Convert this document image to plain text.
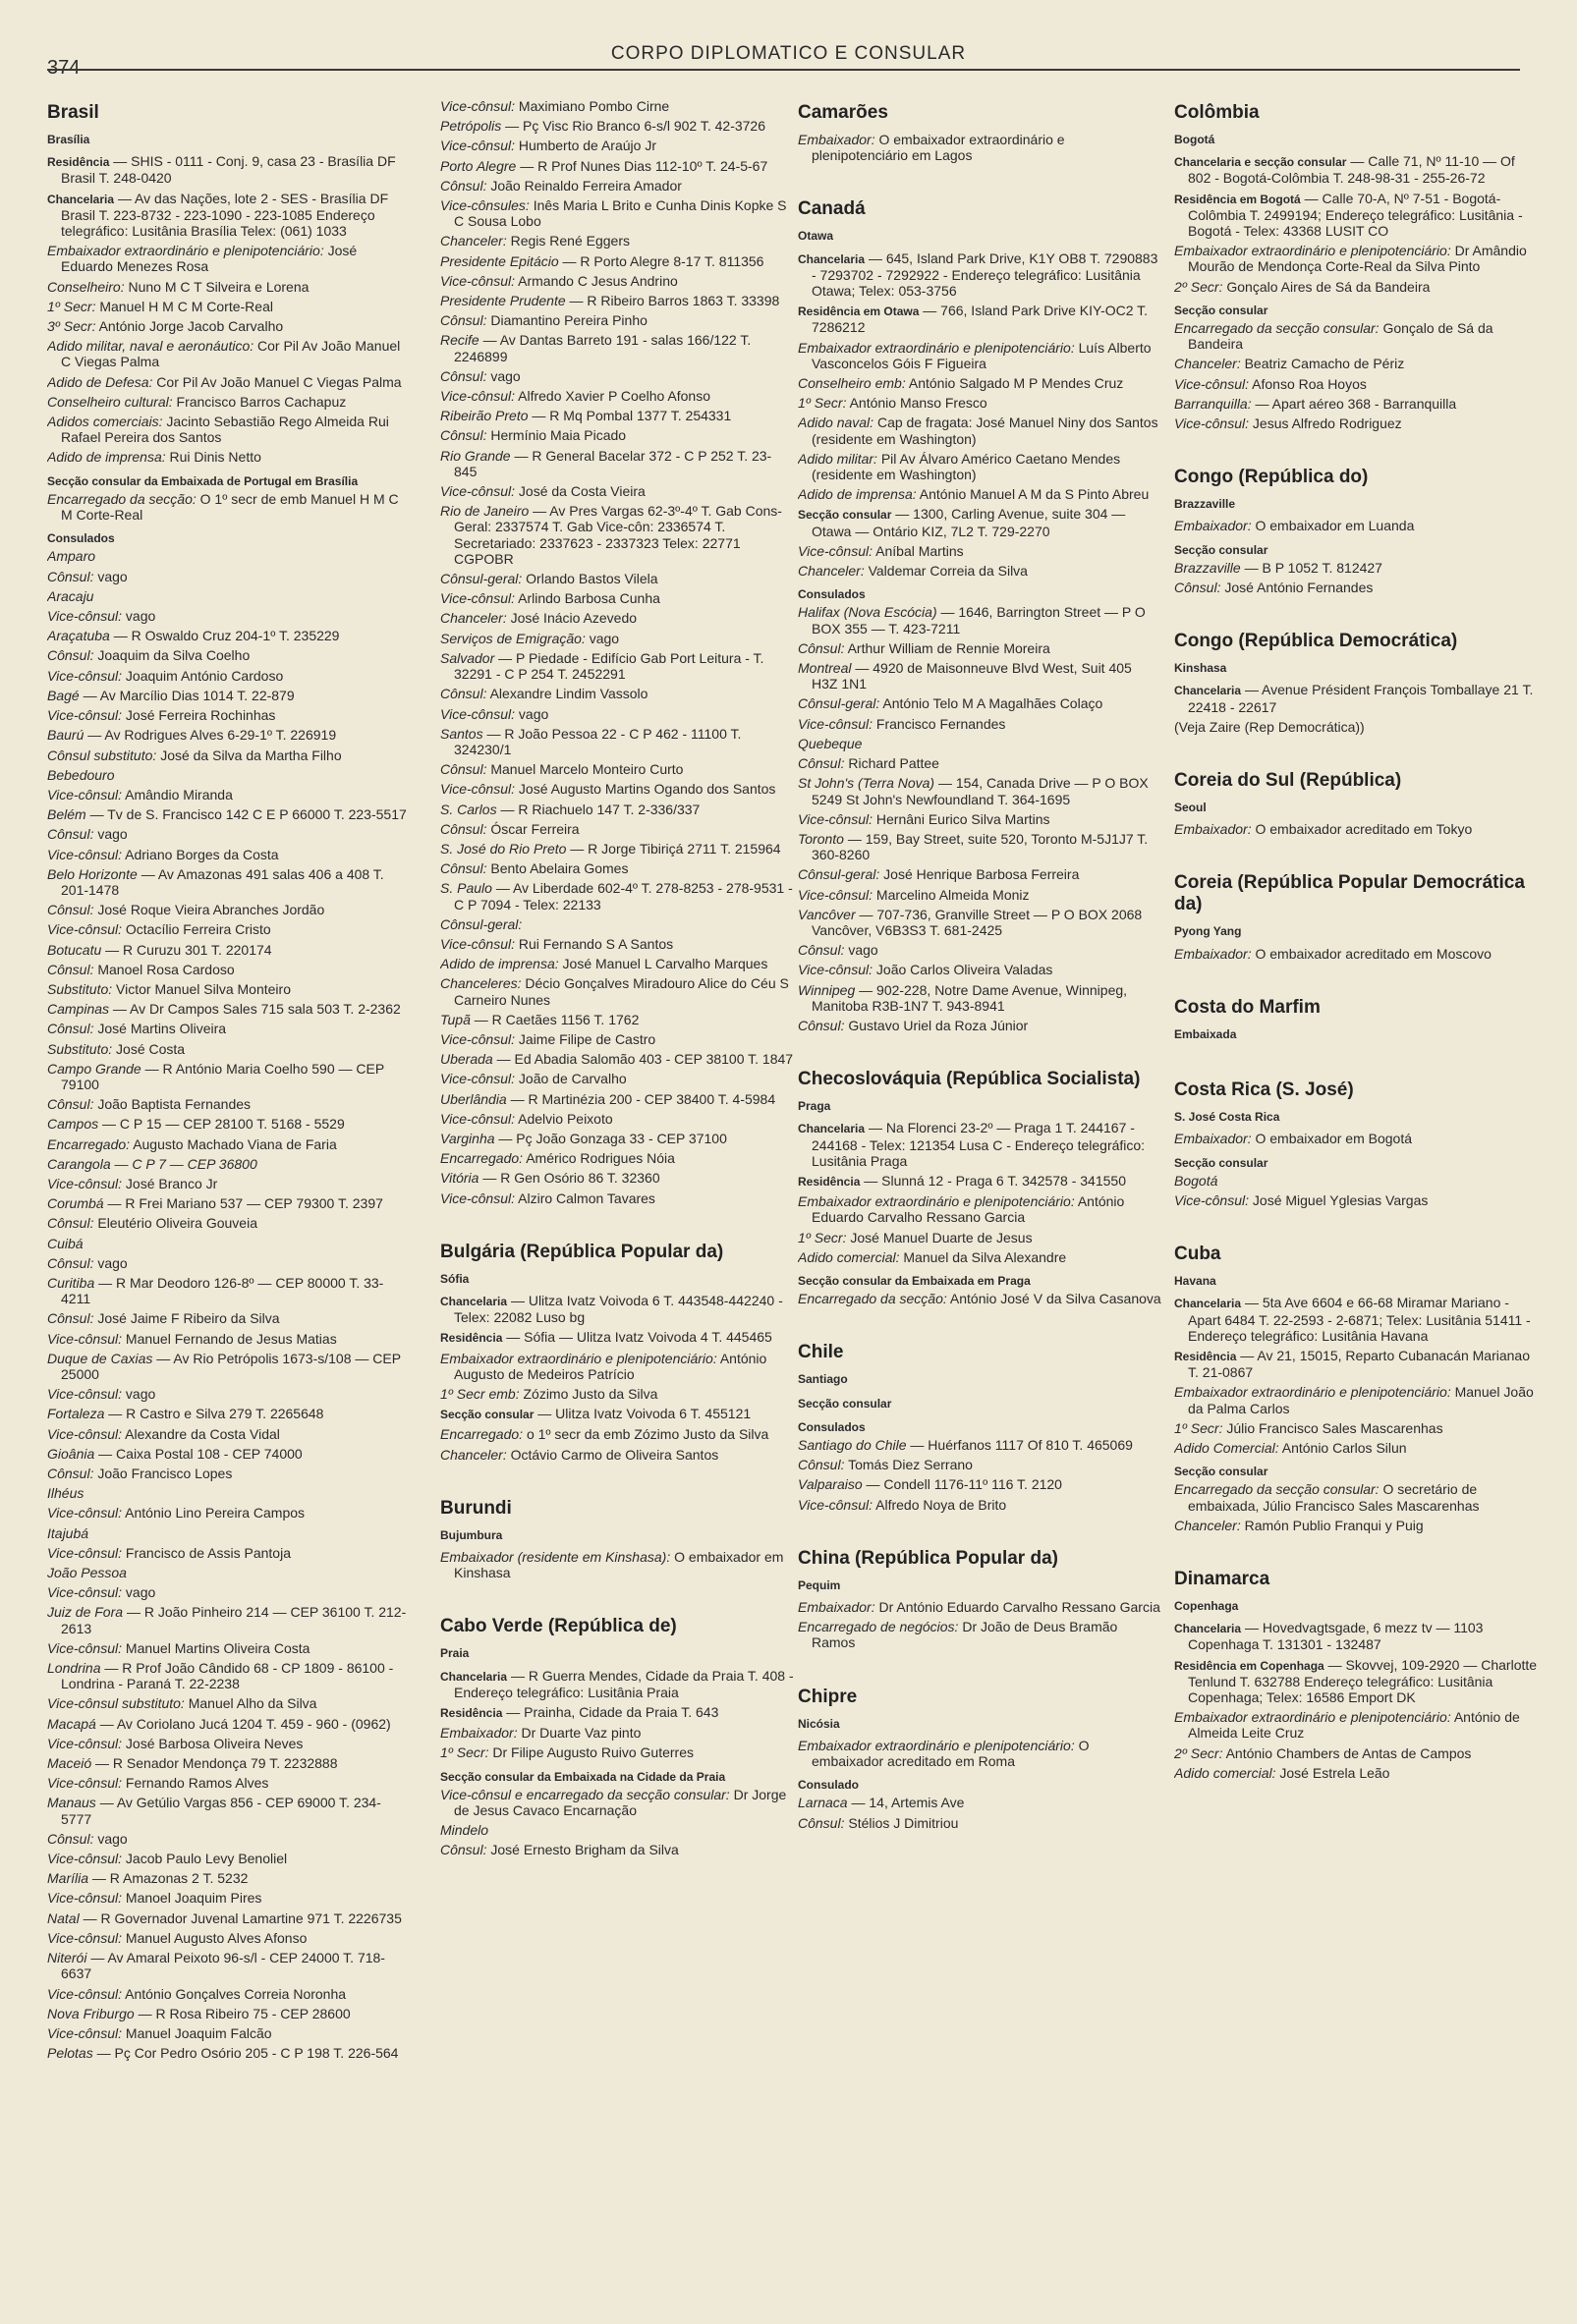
374
CORPO DIPLOMATICO E CONSULAR
Brasil
Brasília
Residência — SHIS - 0111 - Conj. 9, casa 23 - Brasília DF Brasil T. 248-0420
Chancelaria — Av das Nações, lote 2 - SES - Brasília DF Brasil T. 223-8732 - 223-1090 - 223-1085 Endereço telegráfico: Lusitânia Brasília Telex: (061) 1033
Embaixador extraordinário e plenipotenciário: José Eduardo Menezes Rosa
Conselheiro: Nuno M C T Silveira e Lorena
1º Secr: Manuel H M C M Corte-Real
3º Secr: António Jorge Jacob Carvalho
Adido militar, naval e aeronáutico: Cor Pil Av João Manuel C Viegas Palma
Adido de Defesa: Cor Pil Av João Manuel C Viegas Palma
Conselheiro cultural: Francisco Barros Cachapuz
Adidos comerciais: Jacinto Sebastião Rego Almeida Rui Rafael Pereira dos Santos
Adido de imprensa: Rui Dinis Netto
Secção consular da Embaixada de Portugal em Brasília
Encarregado da secção: O 1º secr de emb Manuel H M C M Corte-Real
Consulados
Amparo
Cônsul: vago
Aracaju
Vice-cônsul: vago
Araçatuba — R Oswaldo Cruz 204-1º T. 235229
Cônsul: Joaquim da Silva Coelho
Vice-cônsul: Joaquim António Cardoso
Bagé — Av Marcílio Dias 1014 T. 22-879
Vice-cônsul: José Ferreira Rochinhas
Baurú — Av Rodrigues Alves 6-29-1º T. 226919
Cônsul substituto: José da Silva da Martha Filho
Bebedouro
Vice-cônsul: Amândio Miranda
Belém — Tv de S. Francisco 142 C E P 66000 T. 223-5517
Cônsul: vago
Vice-cônsul: Adriano Borges da Costa
Belo Horizonte — Av Amazonas 491 salas 406 a 408 T. 201-1478
Cônsul: José Roque Vieira Abranches Jordão
Vice-cônsul: Octacílio Ferreira Cristo
Botucatu — R Curuzu 301 T. 220174
Cônsul: Manoel Rosa Cardoso
Substituto: Victor Manuel Silva Monteiro
Campinas — Av Dr Campos Sales 715 sala 503 T. 2-2362
Cônsul: José Martins Oliveira
Substituto: José Costa
Campo Grande — R António Maria Coelho 590 — CEP 79100
Cônsul: João Baptista Fernandes
Campos — C P 15 — CEP 28100 T. 5168 - 5529
Encarregado: Augusto Machado Viana de Faria
Carangola — C P 7 — CEP 36800
Vice-cônsul: José Branco Jr
Corumbá — R Frei Mariano 537 — CEP 79300 T. 2397
Cônsul: Eleutério Oliveira Gouveia
Cuibá
Cônsul: vago
Curitiba — R Mar Deodoro 126-8º — CEP 80000 T. 33-4211
Cônsul: José Jaime F Ribeiro da Silva
Vice-cônsul: Manuel Fernando de Jesus Matias
Duque de Caxias — Av Rio Petrópolis 1673-s/108 — CEP 25000
Vice-cônsul: vago
Fortaleza — R Castro e Silva 279 T. 2265648
Vice-cônsul: Alexandre da Costa Vidal
Gioânia — Caixa Postal 108 - CEP 74000
Cônsul: João Francisco Lopes
Ilhéus
Vice-cônsul: António Lino Pereira Campos
Itajubá
Vice-cônsul: Francisco de Assis Pantoja
João Pessoa
Vice-cônsul: vago
Juiz de Fora — R João Pinheiro 214 — CEP 36100 T. 212-2613
Vice-cônsul: Manuel Martins Oliveira Costa
Londrina — R Prof João Cândido 68 - CP 1809 - 86100 - Londrina - Paraná T. 22-2238
Vice-cônsul substituto: Manuel Alho da Silva
Macapá — Av Coriolano Jucá 1204 T. 459 - 960 - (0962)
Vice-cônsul: José Barbosa Oliveira Neves
Maceió — R Senador Mendonça 79 T. 2232888
Vice-cônsul: Fernando Ramos Alves
Manaus — Av Getúlio Vargas 856 - CEP 69000 T. 234-5777
Cônsul: vago
Vice-cônsul: Jacob Paulo Levy Benoliel
Marília — R Amazonas 2 T. 5232
Vice-cônsul: Manoel Joaquim Pires
Natal — R Governador Juvenal Lamartine 971 T. 2226735
Vice-cônsul: Manuel Augusto Alves Afonso
Niterói — Av Amaral Peixoto 96-s/l - CEP 24000 T. 718-6637
Vice-cônsul: António Gonçalves Correia Noronha
Nova Friburgo — R Rosa Ribeiro 75 - CEP 28600
Vice-cônsul: Manuel Joaquim Falcão
Pelotas — Pç Cor Pedro Osório 205 - C P 198 T. 226-564
Vice-cônsul: Maximiano Pombo Cirne
Petrópolis — Pç Visc Rio Branco 6-s/l 902 T. 42-3726
Vice-cônsul: Humberto de Araújo Jr
Porto Alegre — R Prof Nunes Dias 112-10º T. 24-5-67
Cônsul: João Reinaldo Ferreira Amador
Vice-cônsules: Inês Maria L Brito e Cunha Dinis Kopke S C Sousa Lobo
Chanceler: Regis René Eggers
Presidente Epitácio — R Porto Alegre 8-17 T. 811356
Vice-cônsul: Armando C Jesus Andrino
Presidente Prudente — R Ribeiro Barros 1863 T. 33398
Cônsul: Diamantino Pereira Pinho
Recife — Av Dantas Barreto 191 - salas 166/122 T. 2246899
Cônsul: vago
Vice-cônsul: Alfredo Xavier P Coelho Afonso
Ribeirão Preto — R Mq Pombal 1377 T. 254331
Cônsul: Hermínio Maia Picado
Rio Grande — R General Bacelar 372 - C P 252 T. 23-845
Vice-cônsul: José da Costa Vieira
Rio de Janeiro — Av Pres Vargas 62-3º-4º T. Gab Cons-Geral: 2337574 T. Gab Vice-côn: 2336574 T. Secretariado: 2337623 - 2337323 Telex: 22771 CGPOBR
Cônsul-geral: Orlando Bastos Vilela
Vice-cônsul: Arlindo Barbosa Cunha
Chanceler: José Inácio Azevedo
Serviços de Emigração: vago
Salvador — P Piedade - Edifício Gab Port Leitura - T. 32291 - C P 254 T. 2452291
Cônsul: Alexandre Lindim Vassolo
Vice-cônsul: vago
Santos — R João Pessoa 22 - C P 462 - 11100 T. 324230/1
Cônsul: Manuel Marcelo Monteiro Curto
Vice-cônsul: José Augusto Martins Ogando dos Santos
S. Carlos — R Riachuelo 147 T. 2-336/337
Cônsul: Óscar Ferreira
S. José do Rio Preto — R Jorge Tibiriçá 2711 T. 215964
Cônsul: Bento Abelaira Gomes
S. Paulo — Av Liberdade 602-4º T. 278-8253 - 278-9531 - C P 7094 - Telex: 22133
Cônsul-geral:
Vice-cônsul: Rui Fernando S A Santos
Adido de imprensa: José Manuel L Carvalho Marques
Chanceleres: Décio Gonçalves Miradouro Alice do Céu S Carneiro Nunes
Tupã — R Caetães 1156 T. 1762
Vice-cônsul: Jaime Filipe de Castro
Uberada — Ed Abadia Salomão 403 - CEP 38100 T. 1847
Vice-cônsul: João de Carvalho
Uberlândia — R Martinézia 200 - CEP 38400 T. 4-5984
Vice-cônsul: Adelvio Peixoto
Varginha — Pç João Gonzaga 33 - CEP 37100
Encarregado: Américo Rodrigues Nóia
Vitória — R Gen Osório 86 T. 32360
Vice-cônsul: Alziro Calmon Tavares
Bulgária (República Popular da)
Sófia
Chancelaria — Ulitza Ivatz Voivoda 6 T. 443548-442240 - Telex: 22082 Luso bg
Residência — Sófia — Ulitza Ivatz Voivoda 4 T. 445465
Embaixador extraordinário e plenipotenciário: António Augusto de Medeiros Patrício
1º Secr emb: Zózimo Justo da Silva
Secção consular — Ulitza Ivatz Voivoda 6 T. 455121
Encarregado: o 1º secr da emb Zózimo Justo da Silva
Chanceler: Octávio Carmo de Oliveira Santos
Burundi
Bujumbura
Embaixador (residente em Kinshasa): O embaixador em Kinshasa
Cabo Verde (República de)
Praia
Chancelaria — R Guerra Mendes, Cidade da Praia T. 408 - Endereço telegráfico: Lusitânia Praia
Residência — Prainha, Cidade da Praia T. 643
Embaixador: Dr Duarte Vaz pinto
1º Secr: Dr Filipe Augusto Ruivo Guterres
Secção consular da Embaixada na Cidade da Praia
Vice-cônsul e encarregado da secção consular: Dr Jorge de Jesus Cavaco Encarnação
Mindelo
Cônsul: José Ernesto Brigham da Silva
Camarões
Embaixador: O embaixador extraordinário e plenipotenciário em Lagos
Canadá
Otawa
Chancelaria — 645, Island Park Drive, K1Y OB8 T. 7290883 - 7293702 - 7292922 - Endereço telegráfico: Lusitânia Otawa; Telex: 053-3756
Residência em Otawa — 766, Island Park Drive KIY-OC2 T. 7286212
Embaixador extraordinário e plenipotenciário: Luís Alberto Vasconcelos Góis F Figueira
Conselheiro emb: António Salgado M P Mendes Cruz
1º Secr: António Manso Fresco
Adido naval: Cap de fragata: José Manuel Niny dos Santos (residente em Washington)
Adido militar: Pil Av Álvaro Américo Caetano Mendes (residente em Washington)
Adido de imprensa: António Manuel A M da S Pinto Abreu
Secção consular — 1300, Carling Avenue, suite 304 — Otawa — Ontário KIZ, 7L2 T. 729-2270
Vice-cônsul: Aníbal Martins
Chanceler: Valdemar Correia da Silva
Consulados
Halifax (Nova Escócia) — 1646, Barrington Street — P O BOX 355 — T. 423-7211
Cônsul: Arthur William de Rennie Moreira
Montreal — 4920 de Maisonneuve Blvd West, Suit 405 H3Z 1N1
Cônsul-geral: António Telo M A Magalhães Colaço
Vice-cônsul: Francisco Fernandes
Quebeque
Cônsul: Richard Pattee
St John's (Terra Nova) — 154, Canada Drive — P O BOX 5249 St John's Newfoundland T. 364-1695
Vice-cônsul: Hernâni Eurico Silva Martins
Toronto — 159, Bay Street, suite 520, Toronto M-5J1J7 T. 360-8260
Cônsul-geral: José Henrique Barbosa Ferreira
Vice-cônsul: Marcelino Almeida Moniz
Vancôver — 707-736, Granville Street — P O BOX 2068 Vancôver, V6B3S3 T. 681-2425
Cônsul: vago
Vice-cônsul: João Carlos Oliveira Valadas
Winnipeg — 902-228, Notre Dame Avenue, Winnipeg, Manitoba R3B-1N7 T. 943-8941
Cônsul: Gustavo Uriel da Roza Júnior
Checoslováquia (República Socialista)
Praga
Chancelaria — Na Florenci 23-2º — Praga 1 T. 244167 - 244168 - Telex: 121354 Lusa C - Endereço telegráfico: Lusitânia Praga
Residência — Slunná 12 - Praga 6 T. 342578 - 341550
Embaixador extraordinário e plenipotenciário: António Eduardo Carvalho Ressano Garcia
1º Secr: José Manuel Duarte de Jesus
Adido comercial: Manuel da Silva Alexandre
Secção consular da Embaixada em Praga
Encarregado da secção: António José V da Silva Casanova
Chile
Santiago
Secção consular
Consulados
Santiago do Chile — Huérfanos 1117 Of 810 T. 465069
Cônsul: Tomás Diez Serrano
Valparaiso — Condell 1176-11º 116 T. 2120
Vice-cônsul: Alfredo Noya de Brito
China (República Popular da)
Pequim
Embaixador: Dr António Eduardo Carvalho Ressano Garcia
Encarregado de negócios: Dr João de Deus Bramão Ramos
Chipre
Nicósia
Embaixador extraordinário e plenipotenciário: O embaixador acreditado em Roma
Consulado
Larnaca — 14, Artemis Ave
Cônsul: Stélios J Dimitriou
Colômbia
Bogotá
Chancelaria e secção consular — Calle 71, Nº 11-10 — Of 802 - Bogotá-Colômbia T. 248-98-31 - 255-26-72
Residência em Bogotá — Calle 70-A, Nº 7-51 - Bogotá-Colômbia T. 2499194; Endereço telegráfico: Lusitânia - Bogotá - Telex: 43368 LUSIT CO
Embaixador extraordinário e plenipotenciário: Dr Amândio Mourão de Mendonça Corte-Real da Silva Pinto
2º Secr: Gonçalo Aires de Sá da Bandeira
Secção consular
Encarregado da secção consular: Gonçalo de Sá da Bandeira
Chanceler: Beatriz Camacho de Périz
Vice-cônsul: Afonso Roa Hoyos
Barranquilla: — Apart aéreo 368 - Barranquilla
Vice-cônsul: Jesus Alfredo Rodriguez
Congo (República do)
Brazzaville
Embaixador: O embaixador em Luanda
Secção consular
Brazzaville — B P 1052 T. 812427
Cônsul: José António Fernandes
Congo (República Democrática)
Kinshasa
Chancelaria — Avenue Président François Tomballaye 21 T. 22418 - 22617
(Veja Zaire (Rep Democrática))
Coreia do Sul (República)
Seoul
Embaixador: O embaixador acreditado em Tokyo
Coreia (República Popular Democrática da)
Pyong Yang
Embaixador: O embaixador acreditado em Moscovo
Costa do Marfim
Embaixada
Costa Rica (S. José)
S. José Costa Rica
Embaixador: O embaixador em Bogotá
Secção consular
Bogotá
Vice-cônsul: José Miguel Yglesias Vargas
Cuba
Havana
Chancelaria — 5ta Ave 6604 e 66-68 Miramar Mariano - Apart 6484 T. 22-2593 - 2-6871; Telex: Lusitânia 51411 - Endereço telegráfico: Lusitânia Havana
Residência — Av 21, 15015, Reparto Cubanacán Marianao T. 21-0867
Embaixador extraordinário e plenipotenciário: Manuel João da Palma Carlos
1º Secr: Júlio Francisco Sales Mascarenhas
Adido Comercial: António Carlos Silun
Secção consular
Encarregado da secção consular: O secretário de embaixada, Júlio Francisco Sales Mascarenhas
Chanceler: Ramón Publio Franqui y Puig
Dinamarca
Copenhaga
Chancelaria — Hovedvagtsgade, 6 mezz tv — 1103 Copenhaga T. 131301 - 132487
Residência em Copenhaga — Skovvej, 109-2920 — Charlotte Tenlund T. 632788 Endereço telegráfico: Lusitânia Copenhaga; Telex: 16586 Emport DK
Embaixador extraordinário e plenipotenciário: António de Almeida Leite Cruz
2º Secr: António Chambers de Antas de Campos
Adido comercial: José Estrela Leão
